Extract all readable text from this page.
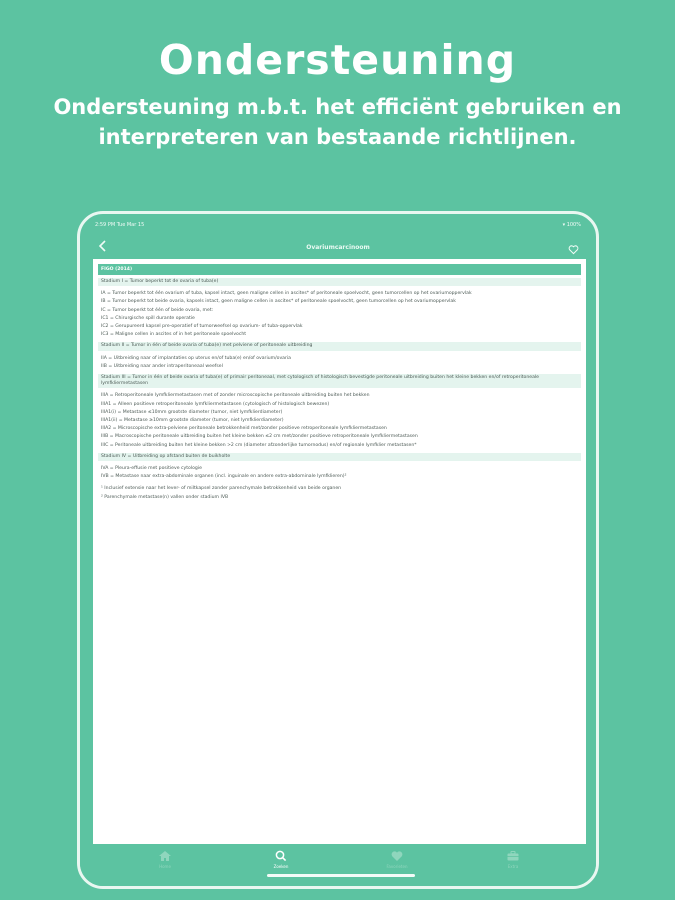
Ondersteuning
Ondersteuning m.b.t. het efficiënt gebruiken en interpreteren van bestaande richtlijnen.
2:59 PM Tue Mar 15	▾ 100%
Ovariumcarcinoom
FIGO (2014)
Stadium I = Tumor beperkt tot de ovaria of tuba(e)
IA = Tumor beperkt tot één ovarium of tuba, kapsel intact, geen maligne cellen in ascites* of peritoneale spoelvocht, geen tumorcellen op het ovariumoppervlak
IB = Tumor beperkt tot beide ovaria, kapsels intact, geen maligne cellen in ascites* of peritoneale spoelvocht, geen tumorcellen op het ovariumoppervlak
IC = Tumor beperkt tot één of beide ovaria, met:
IC1 = Chirurgische spill durante operatie
IC2 = Gerupureerd kapsel pre-operatief of tumorweefsel op ovarium- of tuba-oppervlak
IC3 = Maligne cellen in ascites of in het peritoneale spoelvocht
Stadium II = Tumor in één of beide ovaria of tuba(e) met pelviene of peritoneale uitbreiding
IIA = Uitbreiding naar of implantaties op uterus en/of tuba(e) en/of ovarium/ovaria
IIB = Uitbreiding naar ander intraperitoneaal weefsel
Stadium III = Tumor in één of beide ovaria of tuba(e) of primair peritoneaal, met cytologisch of histologisch bevestigde peritoneale uitbreiding buiten het kleine bekken en/of retroperitoneale lymfkliermetastasen
IIIA = Retroperitoneale lymfkliermetastasen met of zonder microscopische peritoneale uitbreiding buiten het bekken
IIIA1 = Alleen positieve retroperitoneale lymfkliermetastasen (cytologisch of histologisch bewezen)
IIIA1(i) = Metastase ≤10mm grootste diameter (tumor, niet lymfklierdiameter)
IIIA1(ii) = Metastase ≥10mm grootste diameter (tumor, niet lymfklierdiameter)
IIIA2 = Microscopische extra-pelviene peritoneale betrokkenheid met/zonder positieve retroperitoneale lymfkliermetastasen
IIIB = Macroscopische peritoneale uitbreiding buiten het kleine bekken ≤2 cm met/zonder positieve retroperitoneale lymfkliermetastasen
IIIC = Peritoneale uitbreiding buiten het kleine bekken >2 cm (diameter afzonderlijke tumornodus) en/of regionale lymfklier metastasen*
Stadium IV = Uitbreiding op afstand buiten de buikholte
IVA = Pleura-effusie met positieve cytologie
IVB = Metastase naar extra-abdominale organen (incl. inguinale en andere extra-abdominale lymfklieren)²
¹ Inclusief extensie naar het lever- of miltkapsel zonder parenchymale betrokkenheid van beide organen
² Parenchymale metastase(n) vallen onder stadium IVB
Home	Zoeken	Favorieten	Extra
